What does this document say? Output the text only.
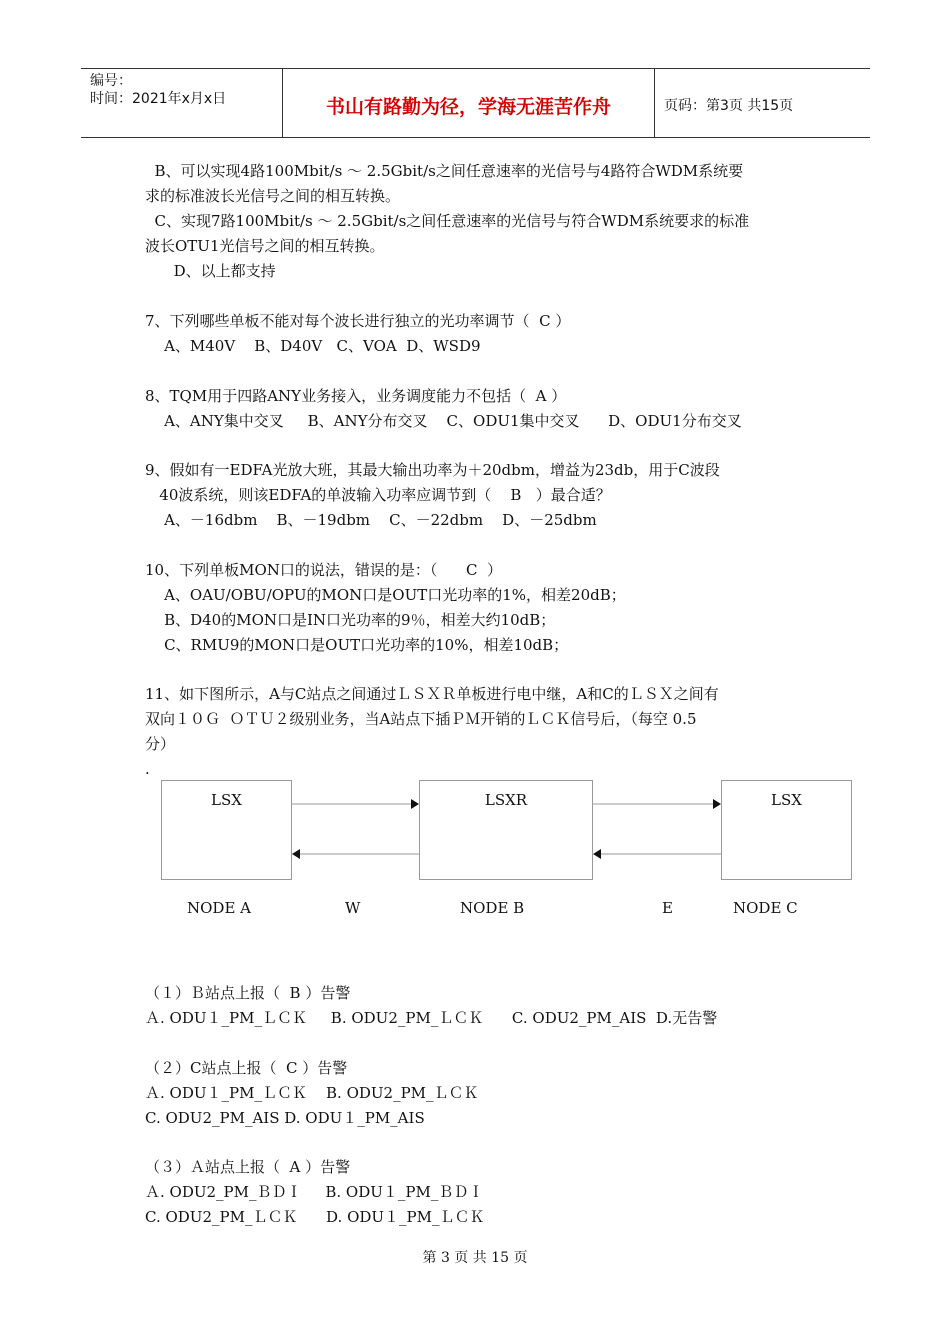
编号：
时间：2021年x月x日	书山有路勤为径，学海无涯苦作舟	页码：第3页 共15页
B、可以实现4路100Mbit/s ～ 2.5Gbit/s之间任意速率的光信号与4路符合WDM系统要
求的标准波长光信号之间的相互转换。
C、实现7路100Mbit/s ～ 2.5Gbit/s之间任意速率的光信号与符合WDM系统要求的标准
波长OTU1光信号之间的相互转换。
D、以上都支持
7、下列哪些单板不能对每个波长进行独立的光功率调节（  C ）
A、M40V    B、D40V   C、VOA  D、WSD9
8、TQM用于四路ANY业务接入，业务调度能力不包括（  A ）
A、ANY集中交叉     B、ANY分布交叉    C、ODU1集中交叉      D、ODU1分布交叉
9、假如有一EDFA光放大班，其最大输出功率为＋20dbm，增益为23db，用于C波段
40波系统，则该EDFA的单波输入功率应调节到（    B   ）最合适？
A、－16dbm    B、－19dbm    C、－22dbm    D、－25dbm
10、下列单板MON口的说法，错误的是：（      C  ）
A、OAU/OBU/OPU的MON口是OUT口光功率的1%，相差20dB；
B、D40的MON口是IN口光功率的9％，相差大约10dB；
C、RMU9的MON口是OUT口光功率的10%，相差10dB；
11、如下图所示，A与C站点之间通过ＬＳＸＲ单板进行电中继，A和C的ＬＳＸ之间有
双向１０Ｇ  ＯＴＵ２级别业务，当A站点下插ＰＭ开销的ＬＣＫ信号后，（每空 0.5
分）
.
LSX	LSXR	LSX
NODE A	W	NODE B	E	NODE C
（１）Ｂ站点上报（  B ）告警
Ａ. ODU１_PM_ＬＣＫ     B. ODU2_PM_ＬＣＫ      C. ODU2_PM_AIS  D.无告警
（２）C站点上报（  C ）告警
Ａ. ODU１_PM_ＬＣＫ    B. ODU2_PM_ＬＣＫ
C. ODU2_PM_AIS D. ODU１_PM_AIS
（３）Ａ站点上报（  A ）告警
Ａ. ODU2_PM_ＢＤＩ     B. ODU１_PM_ＢＤＩ
C. ODU2_PM_ＬＣＫ      D. ODU１_PM_ＬＣＫ
第 3 页 共 15 页
